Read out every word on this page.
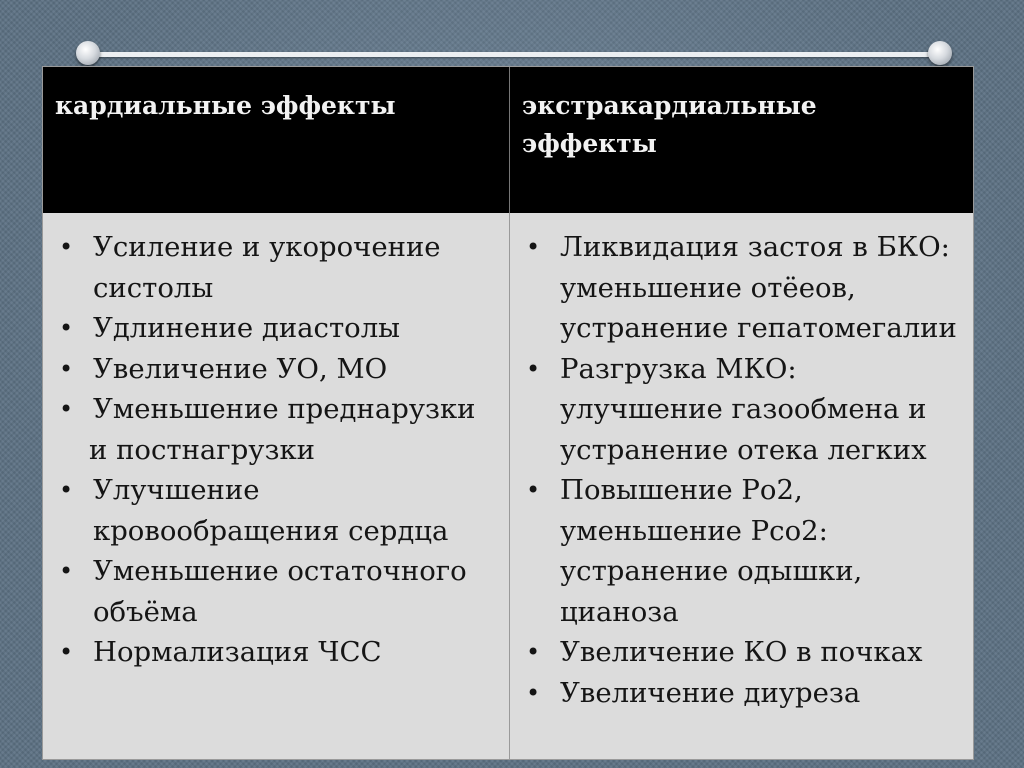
кардиальные эффекты	экстракардиальные эффекты
• Усиление и укорочение систолы
• Удлинение диастолы
• Увеличение УО, МО
• Уменьшение преднарузки
и постнагрузки
• Улучшение кровообращения сердца
• Уменьшение остаточного объёма
• Нормализация ЧСС
• Ликвидация застоя в БКО: уменьшение отёеов, устранение гепатомегалии
• Разгрузка МКО: улучшение газообмена и устранение отека легких
• Повышение Ро2, уменьшение Рсо2: устранение одышки, цианоза
• Увеличение КО в почках
• Увеличение диуреза
